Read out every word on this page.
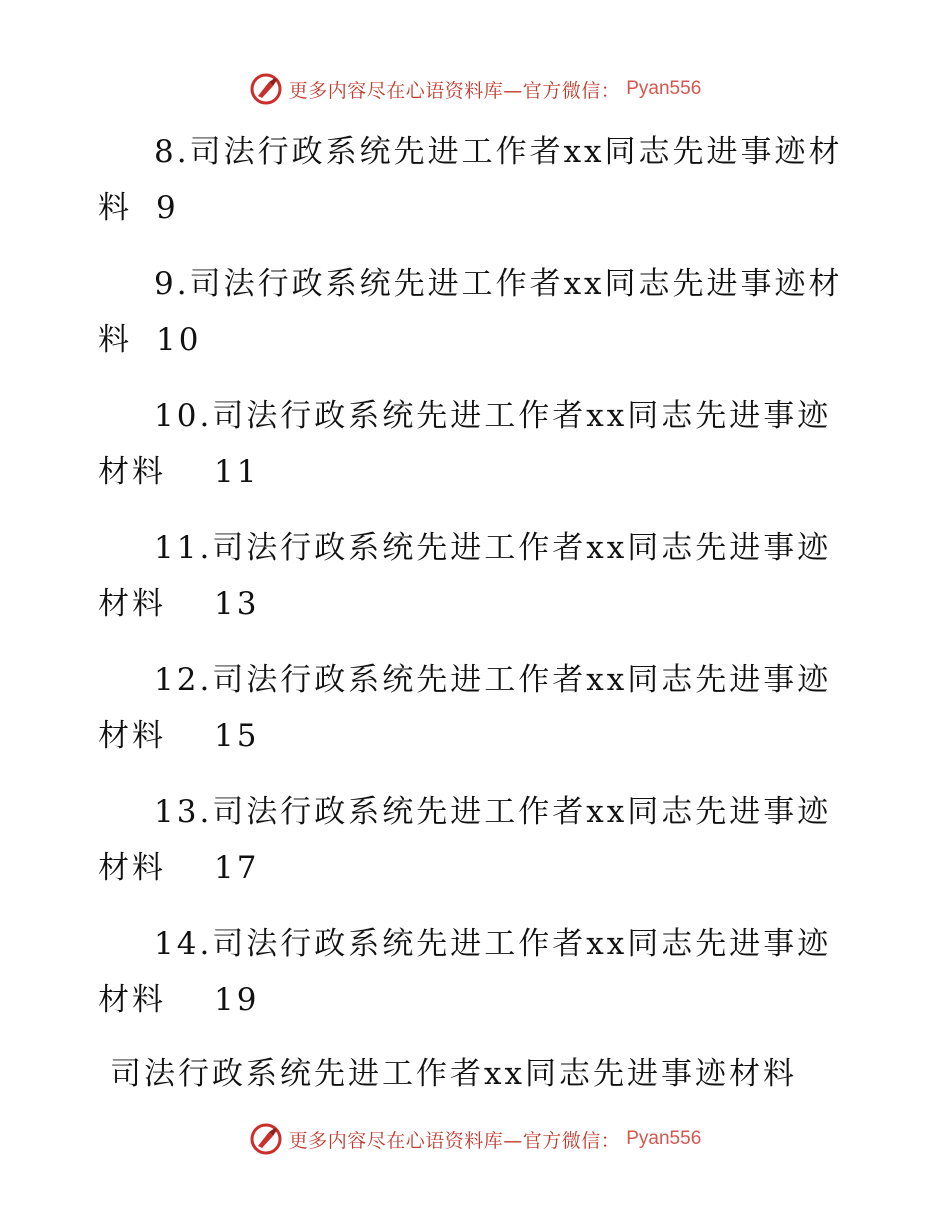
更多内容尽在心语资料库—官方微信： Pyan556
8.司法行政系统先进工作者xx同志先进事迹材
料 9
9.司法行政系统先进工作者xx同志先进事迹材
料 10
10.司法行政系统先进工作者xx同志先进事迹
材料 11
11.司法行政系统先进工作者xx同志先进事迹
材料 13
12.司法行政系统先进工作者xx同志先进事迹
材料 15
13.司法行政系统先进工作者xx同志先进事迹
材料 17
14.司法行政系统先进工作者xx同志先进事迹
材料 19
司法行政系统先进工作者xx同志先进事迹材料
更多内容尽在心语资料库—官方微信： Pyan556
